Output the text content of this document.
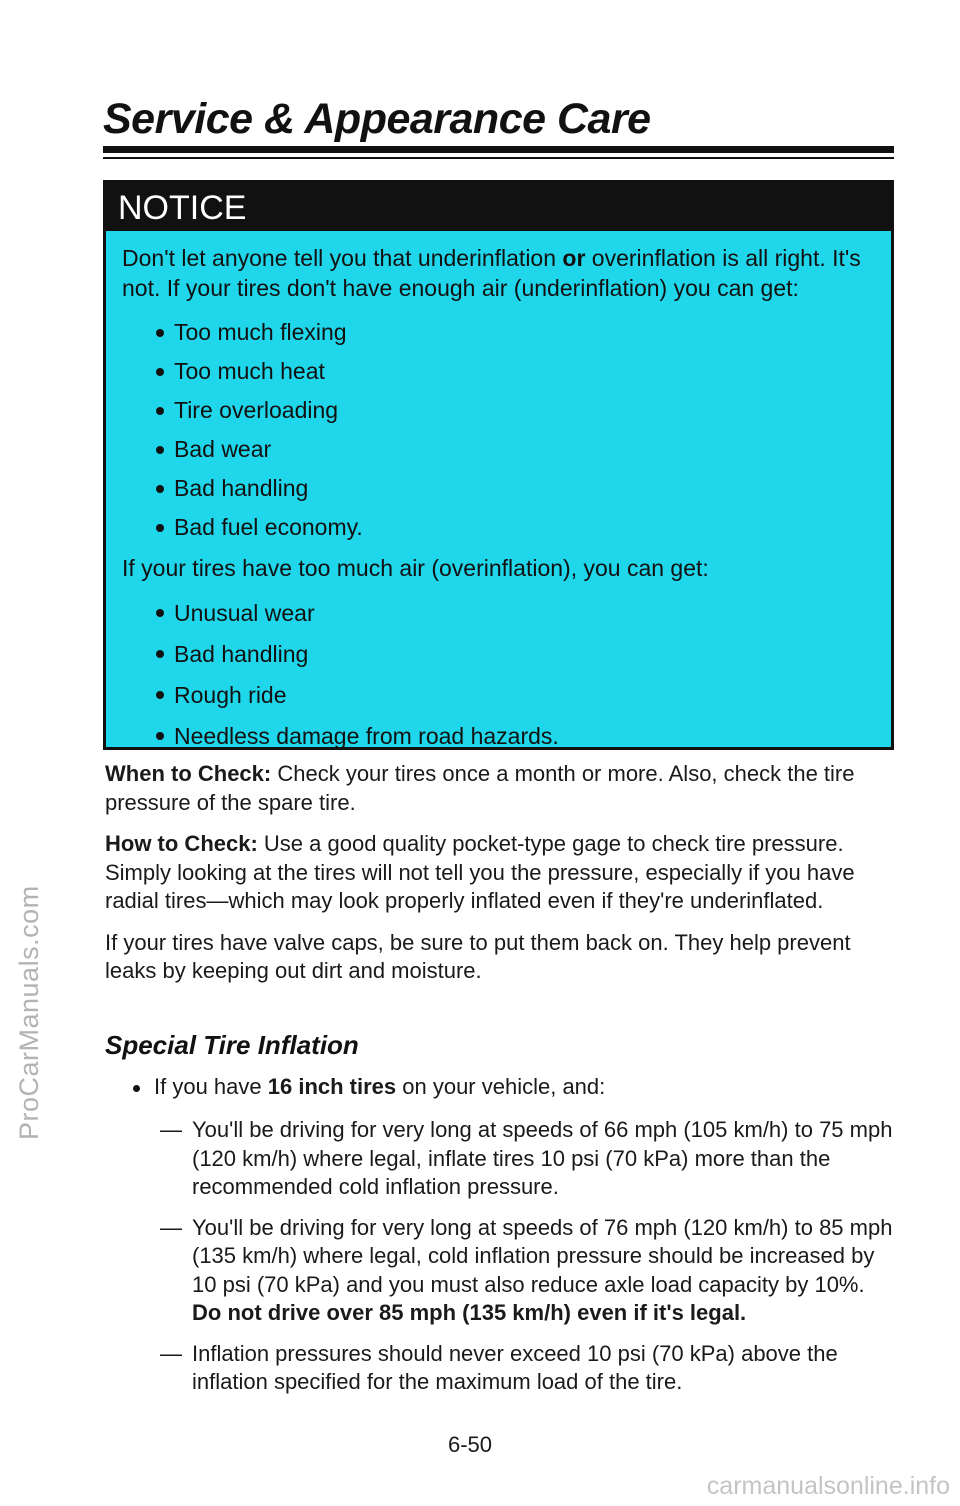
ProCarManuals.com
Service & Appearance Care
NOTICE

Don't let anyone tell you that underinflation or overinflation is all right. It's not. If your tires don't have enough air (underinflation) you can get:

Too much flexing
Too much heat
Tire overloading
Bad wear
Bad handling
Bad fuel economy.

If your tires have too much air (overinflation), you can get:

Unusual wear
Bad handling
Rough ride
Needless damage from road hazards.

When to Check: Check your tires once a month or more. Also, check the tire pressure of the spare tire.

How to Check: Use a good quality pocket-type gage to check tire pressure. Simply looking at the tires will not tell you the pressure, especially if you have radial tires—which may look properly inflated even if they're underinflated.

If your tires have valve caps, be sure to put them back on. They help prevent leaks by keeping out dirt and moisture.

Special Tire Inflation
If you have 16 inch tires on your vehicle, and:
— You'll be driving for very long at speeds of 66 mph (105 km/h) to 75 mph (120 km/h) where legal, inflate tires 10 psi (70 kPa) more than the recommended cold inflation pressure.
— You'll be driving for very long at speeds of 76 mph (120 km/h) to 85 mph (135 km/h) where legal, cold inflation pressure should be increased by 10 psi (70 kPa) and you must also reduce axle load capacity by 10%. Do not drive over 85 mph (135 km/h) even if it's legal.
— Inflation pressures should never exceed 10 psi (70 kPa) above the inflation specified for the maximum load of the tire.
6-50
carmanualsonline.info
